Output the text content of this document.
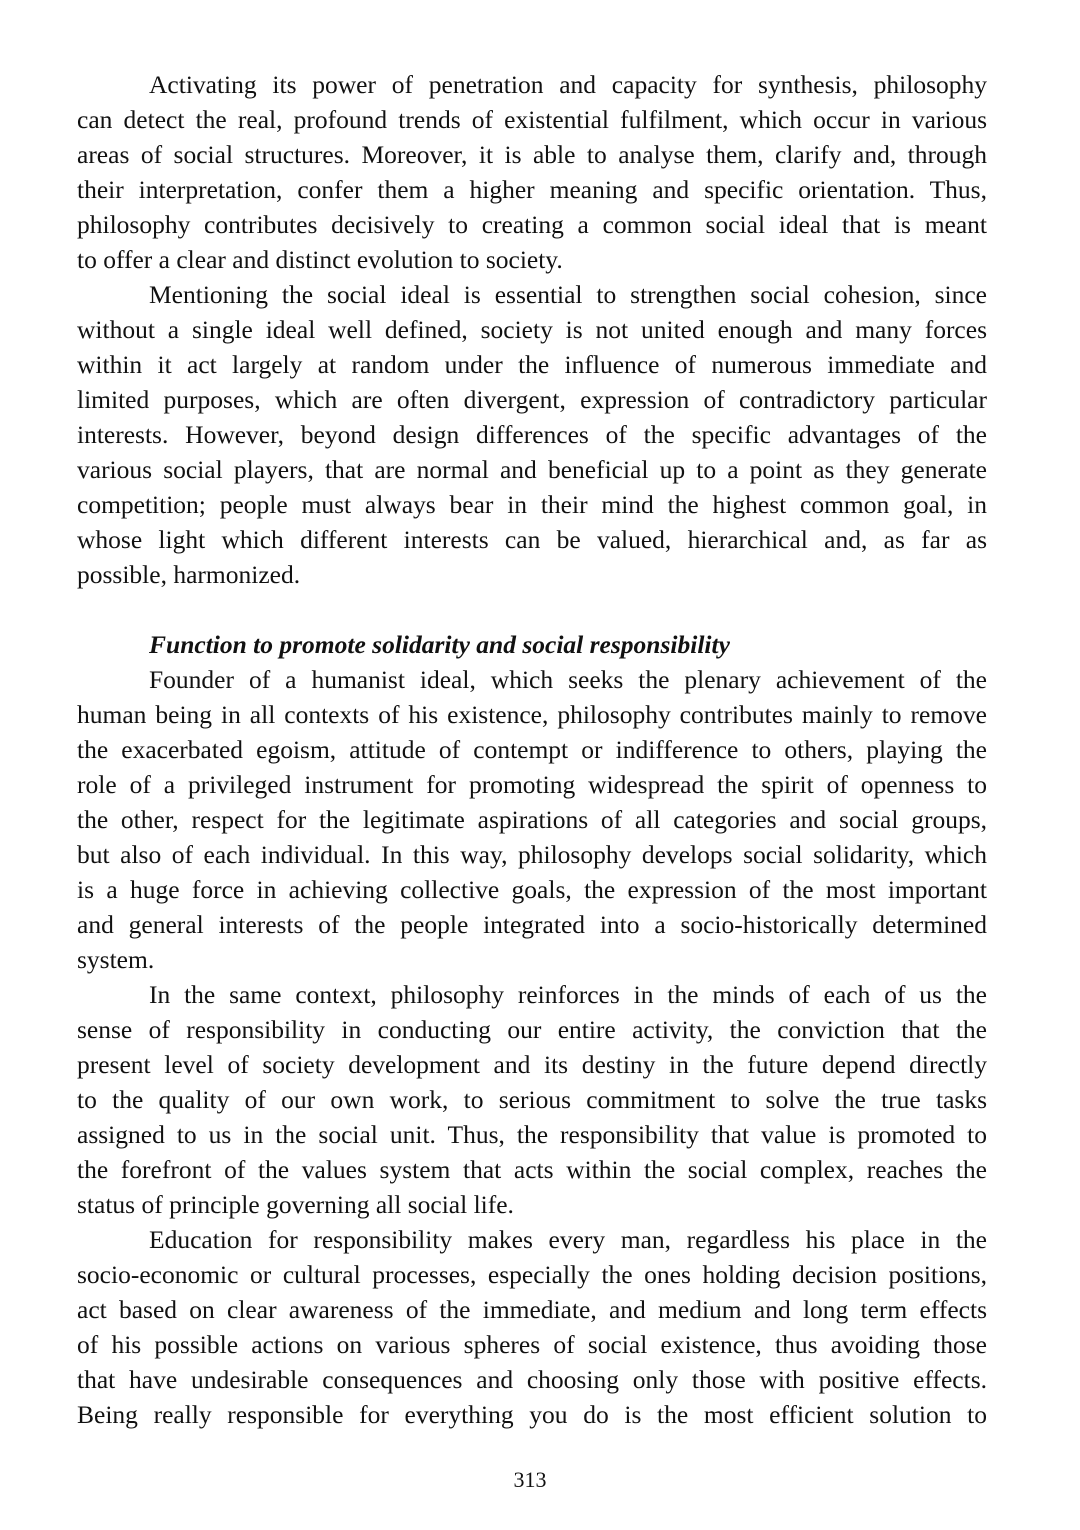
Activating its power of penetration and capacity for synthesis, philosophy
can detect the real, profound trends of existential fulfilment, which occur in various
areas of social structures. Moreover, it is able to analyse them, clarify and, through
their interpretation, confer them a higher meaning and specific orientation. Thus,
philosophy contributes decisively to creating a common social ideal that is meant
to offer a clear and distinct evolution to society.
Mentioning the social ideal is essential to strengthen social cohesion, since
without a single ideal well defined, society is not united enough and many forces
within it act largely at random under the influence of numerous immediate and
limited purposes, which are often divergent, expression of contradictory particular
interests. However, beyond design differences of the specific advantages of the
various social players, that are normal and beneficial up to a point as they generate
competition; people must always bear in their mind the highest common goal, in
whose light which different interests can be valued, hierarchical and, as far as
possible, harmonized.
Function to promote solidarity and social responsibility
Founder of a humanist ideal, which seeks the plenary achievement of the
human being in all contexts of his existence, philosophy contributes mainly to remove
the exacerbated egoism, attitude of contempt or indifference to others, playing the
role of a privileged instrument for promoting widespread the spirit of openness to
the other, respect for the legitimate aspirations of all categories and social groups,
but also of each individual. In this way, philosophy develops social solidarity, which
is a huge force in achieving collective goals, the expression of the most important
and general interests of the people integrated into a socio-historically determined
system.
In the same context, philosophy reinforces in the minds of each of us the
sense of responsibility in conducting our entire activity, the conviction that the
present level of society development and its destiny in the future depend directly
to the quality of our own work, to serious commitment to solve the true tasks
assigned to us in the social unit. Thus, the responsibility that value is promoted to
the forefront of the values system that acts within the social complex, reaches the
status of principle governing all social life.
Education for responsibility makes every man, regardless his place in the
socio-economic or cultural processes, especially the ones holding decision positions,
act based on clear awareness of the immediate, and medium and long term effects
of his possible actions on various spheres of social existence, thus avoiding those
that have undesirable consequences and choosing only those with positive effects.
Being really responsible for everything you do is the most efficient solution to
313
